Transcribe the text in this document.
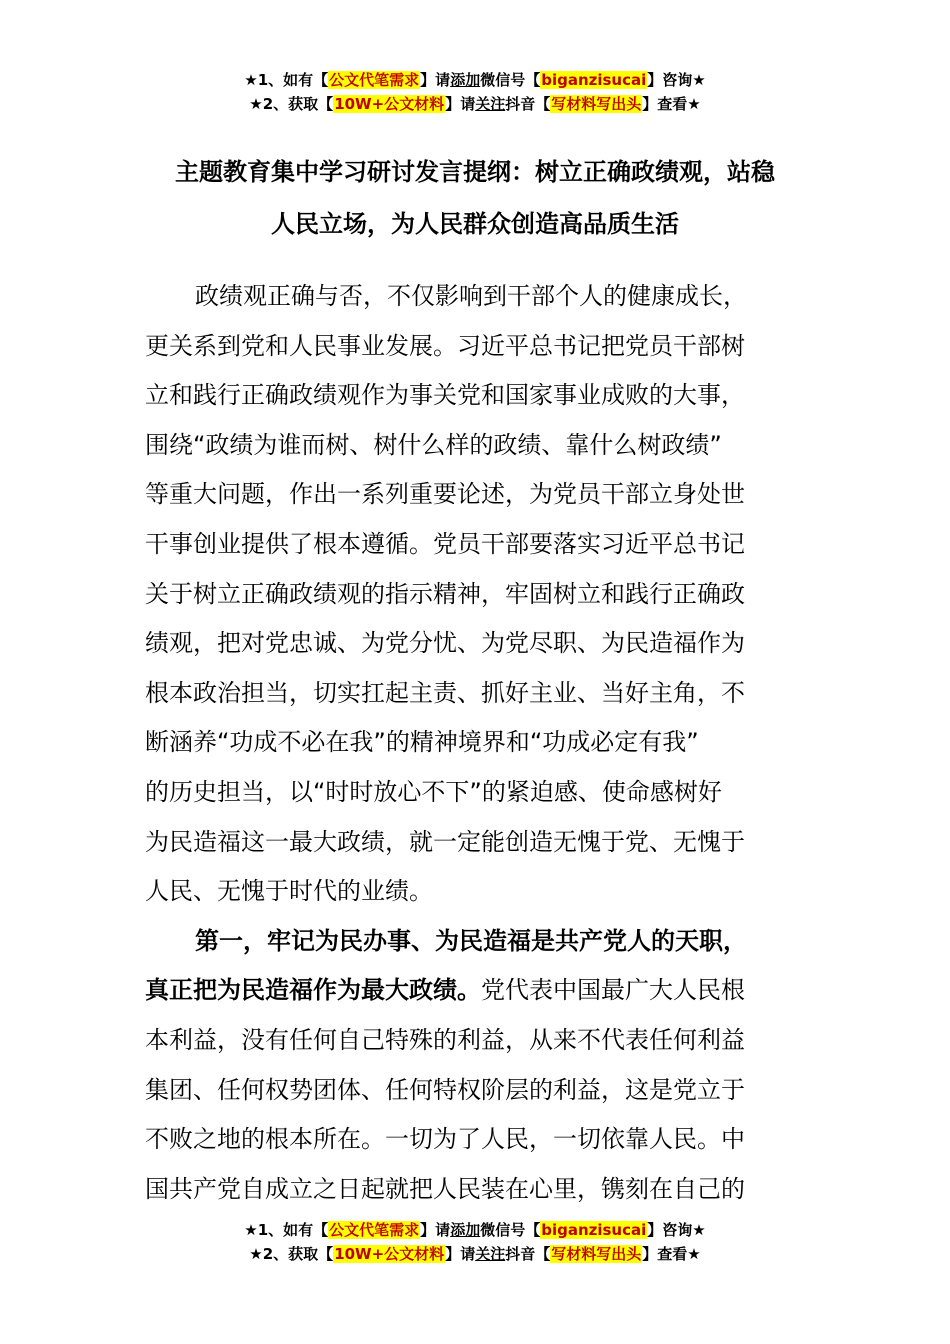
★1、如有【公文代笔需求】请添加微信号【biganzisucai】咨询★
★2、获取【10W+公文材料】请关注抖音【写材料写出头】查看★
主题教育集中学习研讨发言提纲：树立正确政绩观，站稳
人民立场，为人民群众创造高品质生活
政绩观正确与否，不仅影响到干部个人的健康成长，
更关系到党和人民事业发展。习近平总书记把党员干部树
立和践行正确政绩观作为事关党和国家事业成败的大事，
围绕“政绩为谁而树、树什么样的政绩、靠什么树政绩”
等重大问题，作出一系列重要论述，为党员干部立身处世
干事创业提供了根本遵循。党员干部要落实习近平总书记
关于树立正确政绩观的指示精神，牢固树立和践行正确政
绩观，把对党忠诚、为党分忧、为党尽职、为民造福作为
根本政治担当，切实扛起主责、抓好主业、当好主角，不
断涵养“功成不必在我”的精神境界和“功成必定有我”
的历史担当，以“时时放心不下”的紧迫感、使命感树好
为民造福这一最大政绩，就一定能创造无愧于党、无愧于
人民、无愧于时代的业绩。
第一，牢记为民办事、为民造福是共产党人的天职，
真正把为民造福作为最大政绩。党代表中国最广大人民根
本利益，没有任何自己特殊的利益，从来不代表任何利益
集团、任何权势团体、任何特权阶层的利益，这是党立于
不败之地的根本所在。一切为了人民，一切依靠人民。中
国共产党自成立之日起就把人民装在心里，镌刻在自己的
★1、如有【公文代笔需求】请添加微信号【biganzisucai】咨询★
★2、获取【10W+公文材料】请关注抖音【写材料写出头】查看★
